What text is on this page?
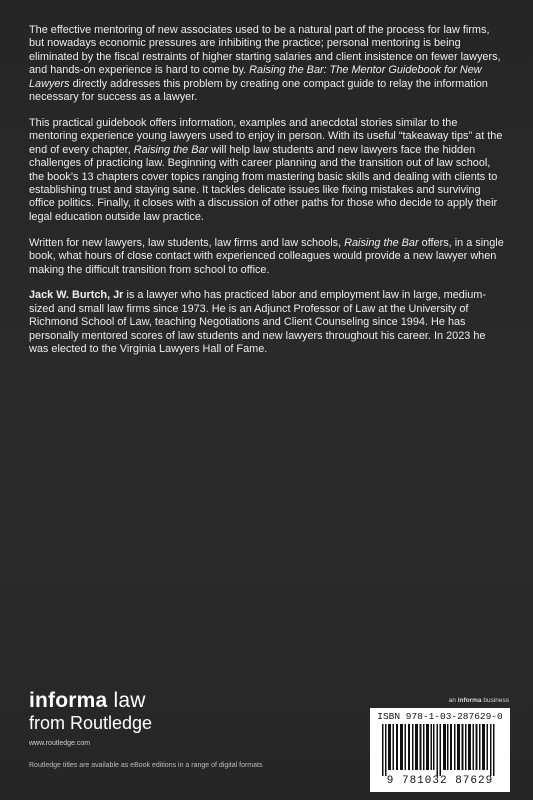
The effective mentoring of new associates used to be a natural part of the process for law firms, but nowadays economic pressures are inhibiting the practice; personal mentoring is being eliminated by the fiscal restraints of higher starting salaries and client insistence on fewer lawyers, and hands-on experience is hard to come by. Raising the Bar: The Mentor Guidebook for New Lawyers directly addresses this problem by creating one compact guide to relay the information necessary for success as a lawyer.

This practical guidebook offers information, examples and anecdotal stories similar to the mentoring experience young lawyers used to enjoy in person. With its useful “takeaway tips” at the end of every chapter, Raising the Bar will help law students and new lawyers face the hidden challenges of practicing law. Beginning with career planning and the transition out of law school, the book’s 13 chapters cover topics ranging from mastering basic skills and dealing with clients to establishing trust and staying sane. It tackles delicate issues like fixing mistakes and surviving office politics. Finally, it closes with a discussion of other paths for those who decide to apply their legal education outside law practice.

Written for new lawyers, law students, law firms and law schools, Raising the Bar offers, in a single book, what hours of close contact with experienced colleagues would provide a new lawyer when making the difficult transition from school to office.

Jack W. Burtch, Jr is a lawyer who has practiced labor and employment law in large, medium-sized and small law firms since 1973. He is an Adjunct Professor of Law at the University of Richmond School of Law, teaching Negotiations and Client Counseling since 1994. He has personally mentored scores of law students and new lawyers throughout his career. In 2023 he was elected to the Virginia Lawyers Hall of Fame.

informa law
from Routledge
www.routledge.com
Routledge titles are available as eBook editions in a range of digital formats
an informa business
ISBN 978-1-03-287629-0
9 781032 87629
